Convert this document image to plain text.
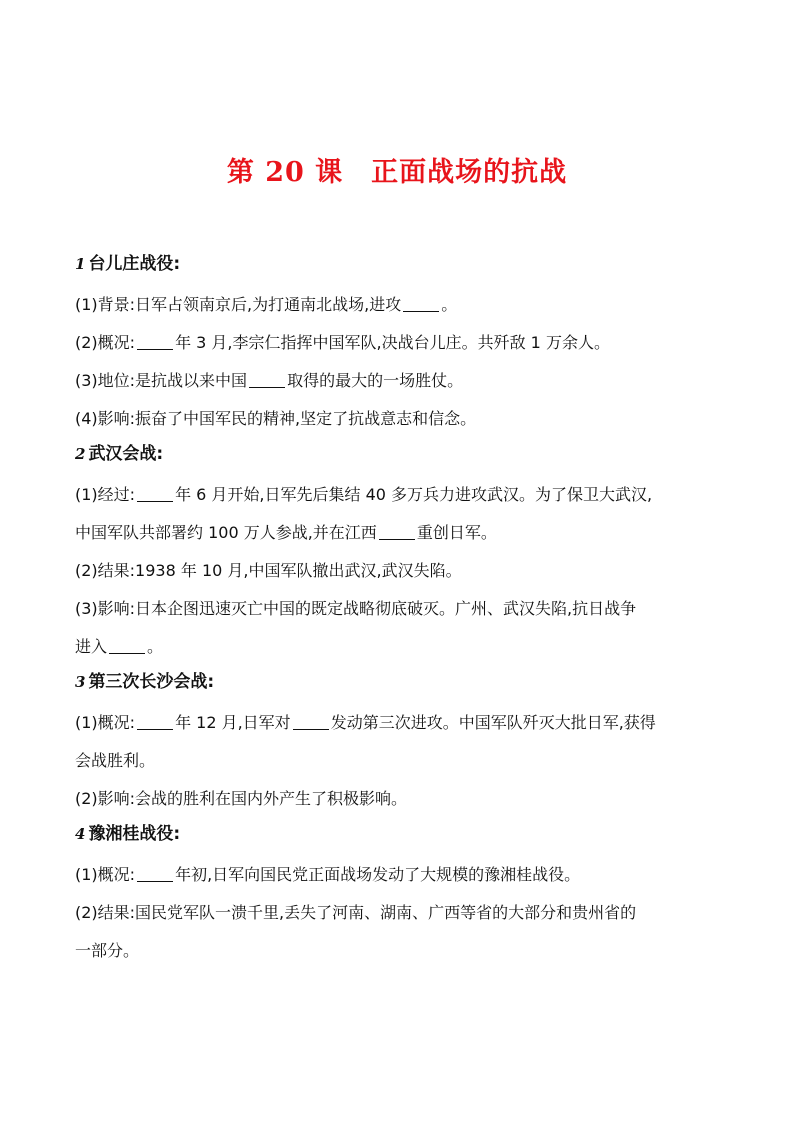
第 20 课　正面战场的抗战
1 台儿庄战役:
(1)背景:日军占领南京后,为打通南北战场,进攻	。
(2)概况:	年 3 月,李宗仁指挥中国军队,决战台儿庄。共歼敌 1 万余人。
(3)地位:是抗战以来中国	取得的最大的一场胜仗。
(4)影响:振奋了中国军民的精神,坚定了抗战意志和信念。
2 武汉会战:
(1)经过:	年 6 月开始,日军先后集结 40 多万兵力进攻武汉。为了保卫大武汉,
中国军队共部署约 100 万人参战,并在江西	重创日军。
(2)结果:1938 年 10 月,中国军队撤出武汉,武汉失陷。
(3)影响:日本企图迅速灭亡中国的既定战略彻底破灭。广州、武汉失陷,抗日战争
进入	。
3 第三次长沙会战:
(1)概况:	年 12 月,日军对	发动第三次进攻。中国军队歼灭大批日军,获得
会战胜利。
(2)影响:会战的胜利在国内外产生了积极影响。
4 豫湘桂战役:
(1)概况:	年初,日军向国民党正面战场发动了大规模的豫湘桂战役。
(2)结果:国民党军队一溃千里,丢失了河南、湖南、广西等省的大部分和贵州省的
一部分。
